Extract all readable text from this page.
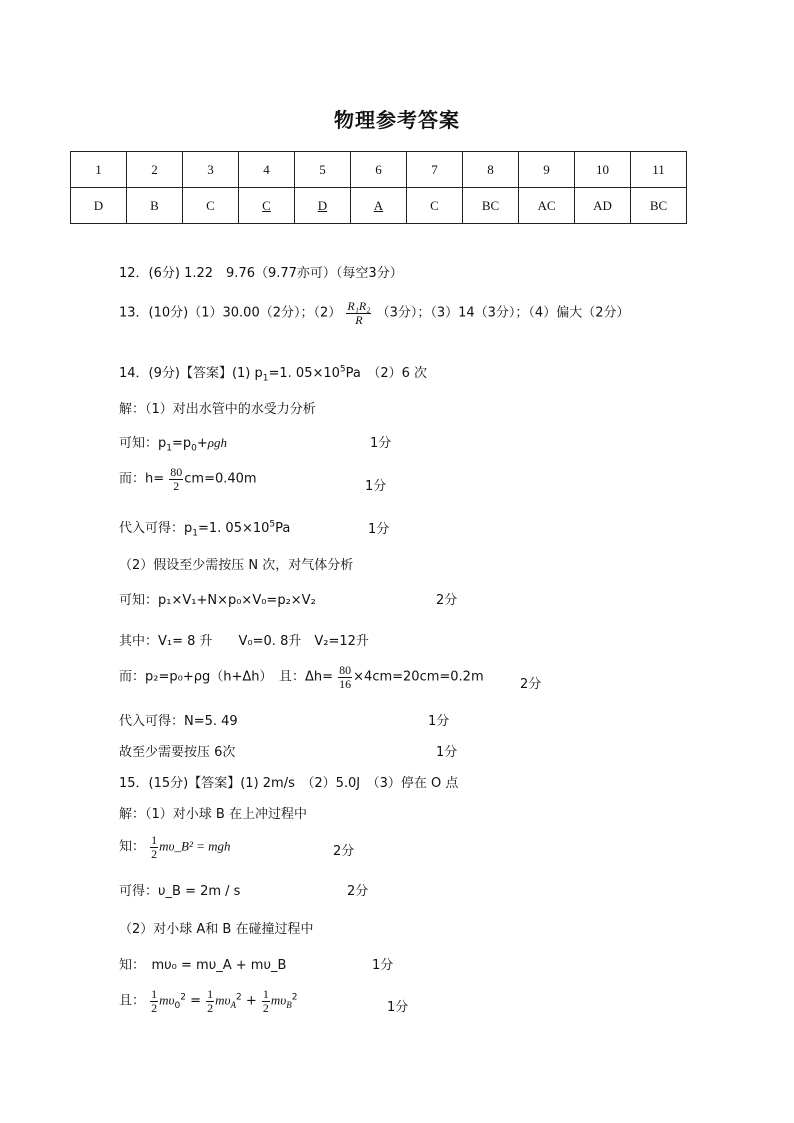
物理参考答案
1	2	3	4	5	6	7	8	9	10	11
D	B	C	C	D	A	C	BC	AC	AD	BC
12．(6分) 1.22　9.76（9.77亦可）（每空3分）
13．(10分)（1）30.00（2分）；$(2) \frac{\text{R₁R₂}}{R} (3$分）；（3）14（3分）；（4）偏大（2分）
14．(9分)【答案】(1) $p_1=1$. $05\times 10^5Pa$　（2）6 次
解：（1）对出水管中的水受力分析
可知：$p_1=p_0+\rho gh$	1分
而：$h= \frac{80}{2} cm=0.40m$	1分
代入可得：$p_1=1$. $05\times 10^5Pa$	1分
（2）假设至少需按压 N 次，对气体分析
可知：p₁×V₁+N×p₀×V₀=p₂×V₂	2分
其中：V₁= 8 升　　V₀=0. 8升　V₂=12升
而：p₂=p₀+ρg（h+Δh）　且：$\Delta h= \frac{80}{16} \times 4cm=20cm=0.2m$	2分
代入可得：N=5. 49	1分
故至少需要按压 6次	1分
15．(15分)【答案】(1) 2m/s　（2）5.0J　（3）停在 O 点
解：（1）对小球 B 在上冲过程中
知： $\frac{1}{2}$ mυ_B² = mgh	2分
可得：υ_B = 2m / s	2分
（2）对小球 A和 B 在碰撞过程中
知：　mυ₀ = mυ_A + mυ_B	1分
且： $\frac{1}{2} m\upsilon_0^2 = \frac{1}{2} m\upsilon_A^2 + \frac{1}{2} m\upsilon_B^2$
1分
